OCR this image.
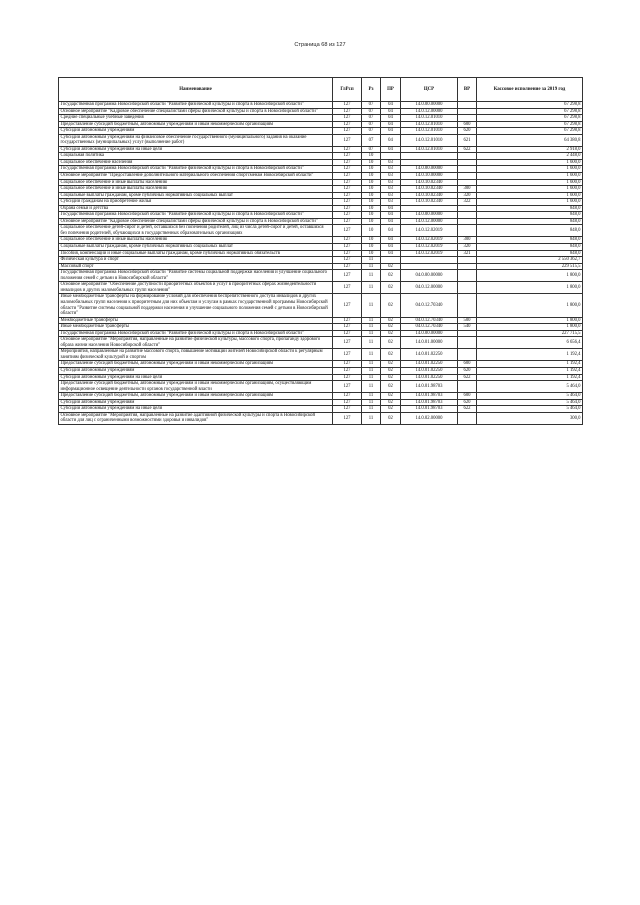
Страница 68 из 127
Наименование	ГлРсп	Рз	ПР	ЦСР	ВР	Кассовое исполнение за 2019 год
Государственная программа Новосибирской области "Развитие физической культуры и спорта в Новосибирской области"	127	07	04	14.0.00.00000		67 298,8
Основное мероприятие "Кадровое обеспечение специалистами сферы физической культуры и спорта в Новосибирской области"	127	07	04	14.0.12.00000		67 298,8
Средние специальные учебные заведения	127	07	04	14.0.12.01010		67 298,8
Предоставление субсидий бюджетным, автономным учреждениям и иным некоммерческим организациям	127	07	04	14.0.12.01010	600	67 298,8
Субсидии автономным учреждениям	127	07	04	14.0.12.01010	620	67 298,8
Субсидии автономным учреждениям на финансовое обеспечение государственного (муниципального) задания на оказание государственных (муниципальных) услуг (выполнение работ)	127	07	04	14.0.12.01010	621	64 380,8
Субсидии автономным учреждениям на иные цели	127	07	04	14.0.12.01010	622	2 918,0
Социальная политика	127	10				2 448,0
Социальное обеспечение населения	127	10	03			1 600,0
Государственная программа Новосибирской области "Развитие физической культуры и спорта в Новосибирской области"	127	10	03	14.0.00.00000		1 600,0
Основное мероприятие "Предоставление дополнительного материального обеспечения спортсменам Новосибирской области"	127	10	03	14.0.10.00000		1 600,0
Социальное обеспечение и иные выплаты населению	127	10	03	14.0.10.02340		1 600,0
Социальное обеспечение и иные выплаты населению	127	10	03	14.0.10.02340	300	1 600,0
Социальные выплаты гражданам, кроме публичных нормативных социальных выплат	127	10	03	14.0.10.02340	320	1 600,0
Субсидии гражданам на приобретение жилья	127	10	03	14.0.10.02340	322	1 600,0
Охрана семьи и детства	127	10	04			848,0
Государственная программа Новосибирской области "Развитие физической культуры и спорта в Новосибирской области"	127	10	04	14.0.00.00000		848,0
Основное мероприятие "Кадровое обеспечение специалистами сферы физической культуры и спорта в Новосибирской области"	127	10	04	14.0.12.00000		848,0
Социальное обеспечение детей-сирот и детей, оставшихся без попечения родителей, лиц из числа детей-сирот и детей, оставшихся без попечения родителей, обучающихся в государственных образовательных организациях	127	10	04	14.0.12.02019		848,0
Социальное обеспечение и иные выплаты населению	127	10	04	14.0.12.02019	300	848,0
Социальные выплаты гражданам, кроме публичных нормативных социальных выплат	127	10	04	14.0.12.02019	320	848,0
Пособия, компенсации и иные социальные выплаты гражданам, кроме публичных нормативных обязательств	127	10	04	14.0.12.02019	321	848,0
Физическая культура и спорт	127	11				2 550 362,7
Массовый спорт	127	11	02			229 515,5
Государственная программа Новосибирской области "Развитие системы социальной поддержки населения и улучшение социального положения семей с детьми в Новосибирской области"	127	11	02	04.0.00.00000		1 800,0
Основное мероприятие "Обеспечение доступности приоритетных объектов и услуг в приоритетных сферах жизнедеятельности инвалидов и других маломобильных групп населения"	127	11	02	04.0.12.00000		1 800,0
Иные межбюджетные трансферты на формирование условий для обеспечения беспрепятственного доступа инвалидов и других маломобильных групп населения к приоритетным для них объектам и услугам в рамках государственной программы Новосибирской области "Развитие системы социальной поддержки населения и улучшение социального положения семей с детьми в Новосибирской области"	127	11	02	04.0.12.70340		1 800,0
Межбюджетные трансферты	127	11	02	04.0.12.70340	500	1 800,0
Иные межбюджетные трансферты	127	11	02	04.0.12.70340	540	1 800,0
Государственная программа Новосибирской области "Развитие физической культуры и спорта в Новосибирской области"	127	11	02	14.0.00.00000		227 715,5
Основное мероприятие "Мероприятия, направленные на развитие физической культуры, массового спорта, пропаганду здорового образа жизни населения Новосибирской области"	127	11	02	14.0.01.00000		6 656,4
Мероприятия, направленные на развитие массового спорта, повышение мотивации жителей Новосибирской области к регулярным занятиям физической культурой и спортом	127	11	02	14.0.01.02250		1 192,4
Предоставление субсидий бюджетным, автономным учреждениям и иным некоммерческим организациям	127	11	02	14.0.01.02250	600	1 192,4
Субсидии автономным учреждениям	127	11	02	14.0.01.02250	620	1 192,4
Субсидии автономным учреждениям на иные цели	127	11	02	14.0.01.02250	622	1 192,4
Предоставление субсидий бюджетным, автономным учреждениям и иным некоммерческим организациям, осуществляющим информационное освещение деятельности органов государственной власти	127	11	02	14.0.01.98703		5 464,0
Предоставление субсидий бюджетным, автономным учреждениям и иным некоммерческим организациям	127	11	02	14.0.01.98703	600	5 464,0
Субсидии автономным учреждениям	127	11	02	14.0.01.98703	620	5 464,0
Субсидии автономным учреждениям на иные цели	127	11	02	14.0.01.98703	622	5 464,0
Основное мероприятие "Мероприятия, направленные на развитие адаптивной физической культуры и спорта в Новосибирской области для лиц с ограниченными возможностями здоровья и инвалидов"	127	11	02	14.0.02.00000		300,0
